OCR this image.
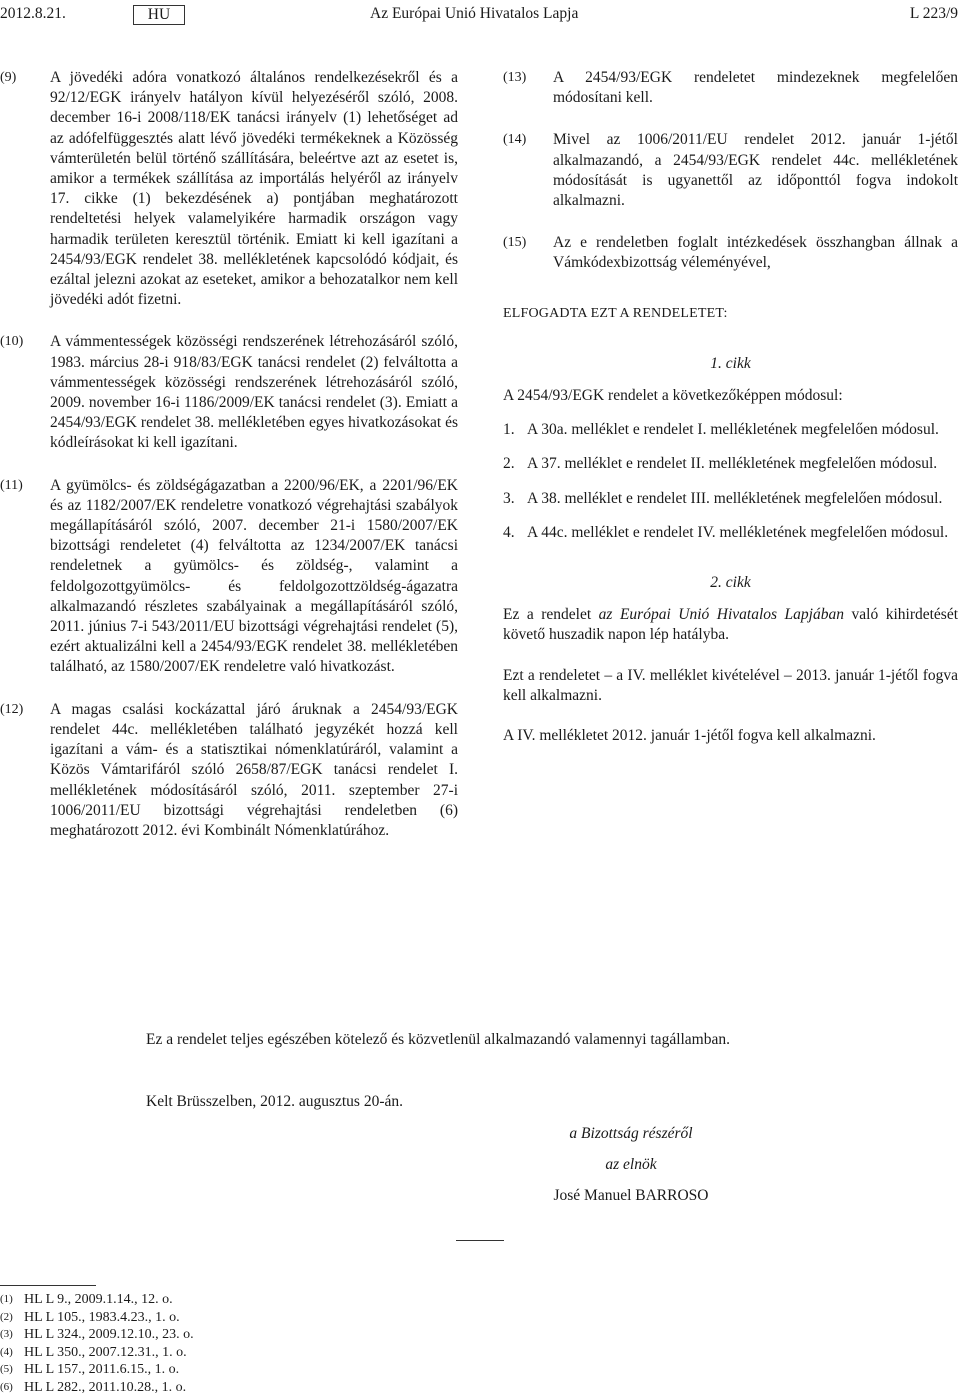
2012.8.21.	HU	Az Európai Unió Hivatalos Lapja	L 223/9
(9) A jövedéki adóra vonatkozó általános rendelkezésekről és a 92/12/EGK irányelv hatályon kívül helyezéséről szóló, 2008. december 16-i 2008/118/EK tanácsi irányelv (1) lehetőséget ad az adófelfüggesztés alatt lévő jövedéki termékeknek a Közösség vámterületén belül történő szállítására, beleértve azt az esetet is, amikor a termékek szállítása az importálás helyéről az irányelv 17. cikke (1) bekezdésének a) pontjában meghatározott rendeltetési helyek valamelyikére harmadik országon vagy harmadik területen keresztül történik. Emiatt ki kell igazítani a 2454/93/EGK rendelet 38. mellékletének kapcsolódó kódjait, és ezáltal jelezni azokat az eseteket, amikor a behozatalkor nem kell jövedéki adót fizetni.
(10) A vámmentességek közösségi rendszerének létrehozásáról szóló, 1983. március 28-i 918/83/EGK tanácsi rendelet (2) felváltotta a vámmentességek közösségi rendszerének létrehozásáról szóló, 2009. november 16-i 1186/2009/EK tanácsi rendelet (3). Emiatt a 2454/93/EGK rendelet 38. mellékletében egyes hivatkozásokat és kódleírásokat ki kell igazítani.
(11) A gyümölcs- és zöldségágazatban a 2200/96/EK, a 2201/96/EK és az 1182/2007/EK rendeletre vonatkozó végrehajtási szabályok megállapításáról szóló, 2007. december 21-i 1580/2007/EK bizottsági rendeletet (4) felváltotta az 1234/2007/EK tanácsi rendeletnek a gyümölcs- és zöldség-, valamint a feldolgozottgyümölcs- és feldolgozottzöldség-ágazatra alkalmazandó részletes szabályainak a megállapításáról szóló, 2011. június 7-i 543/2011/EU bizottsági végrehajtási rendelet (5), ezért aktualizálni kell a 2454/93/EGK rendelet 38. mellékletében található, az 1580/2007/EK rendeletre való hivatkozást.
(12) A magas csalási kockázattal járó áruknak a 2454/93/EGK rendelet 44c. mellékletében található jegyzékét hozzá kell igazítani a vám- és a statisztikai nómenklatúráról, valamint a Közös Vámtarifáról szóló 2658/87/EGK tanácsi rendelet I. mellékletének módosításáról szóló, 2011. szeptember 27-i 1006/2011/EU bizottsági végrehajtási rendeletben (6) meghatározott 2012. évi Kombinált Nómenklatúrához.
(13) A 2454/93/EGK rendeletet mindezeknek megfelelően módosítani kell.
(14) Mivel az 1006/2011/EU rendelet 2012. január 1-jétől alkalmazandó, a 2454/93/EGK rendelet 44c. mellékletének módosítását is ugyanettől az időponttól fogva indokolt alkalmazni.
(15) Az e rendeletben foglalt intézkedések összhangban állnak a Vámkódexbizottság véleményével,
ELFOGADTA EZT A RENDELETET:
1. cikk
A 2454/93/EGK rendelet a következőképpen módosul:
1. A 30a. melléklet e rendelet I. mellékletének megfelelően módosul.
2. A 37. melléklet e rendelet II. mellékletének megfelelően módosul.
3. A 38. melléklet e rendelet III. mellékletének megfelelően módosul.
4. A 44c. melléklet e rendelet IV. mellékletének megfelelően módosul.
2. cikk
Ez a rendelet az Európai Unió Hivatalos Lapjában való kihirdetését követő huszadik napon lép hatályba.
Ezt a rendeletet – a IV. melléklet kivételével – 2013. január 1-jétől fogva kell alkalmazni.
A IV. mellékletet 2012. január 1-jétől fogva kell alkalmazni.
Ez a rendelet teljes egészében kötelező és közvetlenül alkalmazandó valamennyi tagállamban.
Kelt Brüsszelben, 2012. augusztus 20-án.
a Bizottság részéről
az elnök
José Manuel BARROSO
(1) HL L 9., 2009.1.14., 12. o.
(2) HL L 105., 1983.4.23., 1. o.
(3) HL L 324., 2009.12.10., 23. o.
(4) HL L 350., 2007.12.31., 1. o.
(5) HL L 157., 2011.6.15., 1. o.
(6) HL L 282., 2011.10.28., 1. o.
